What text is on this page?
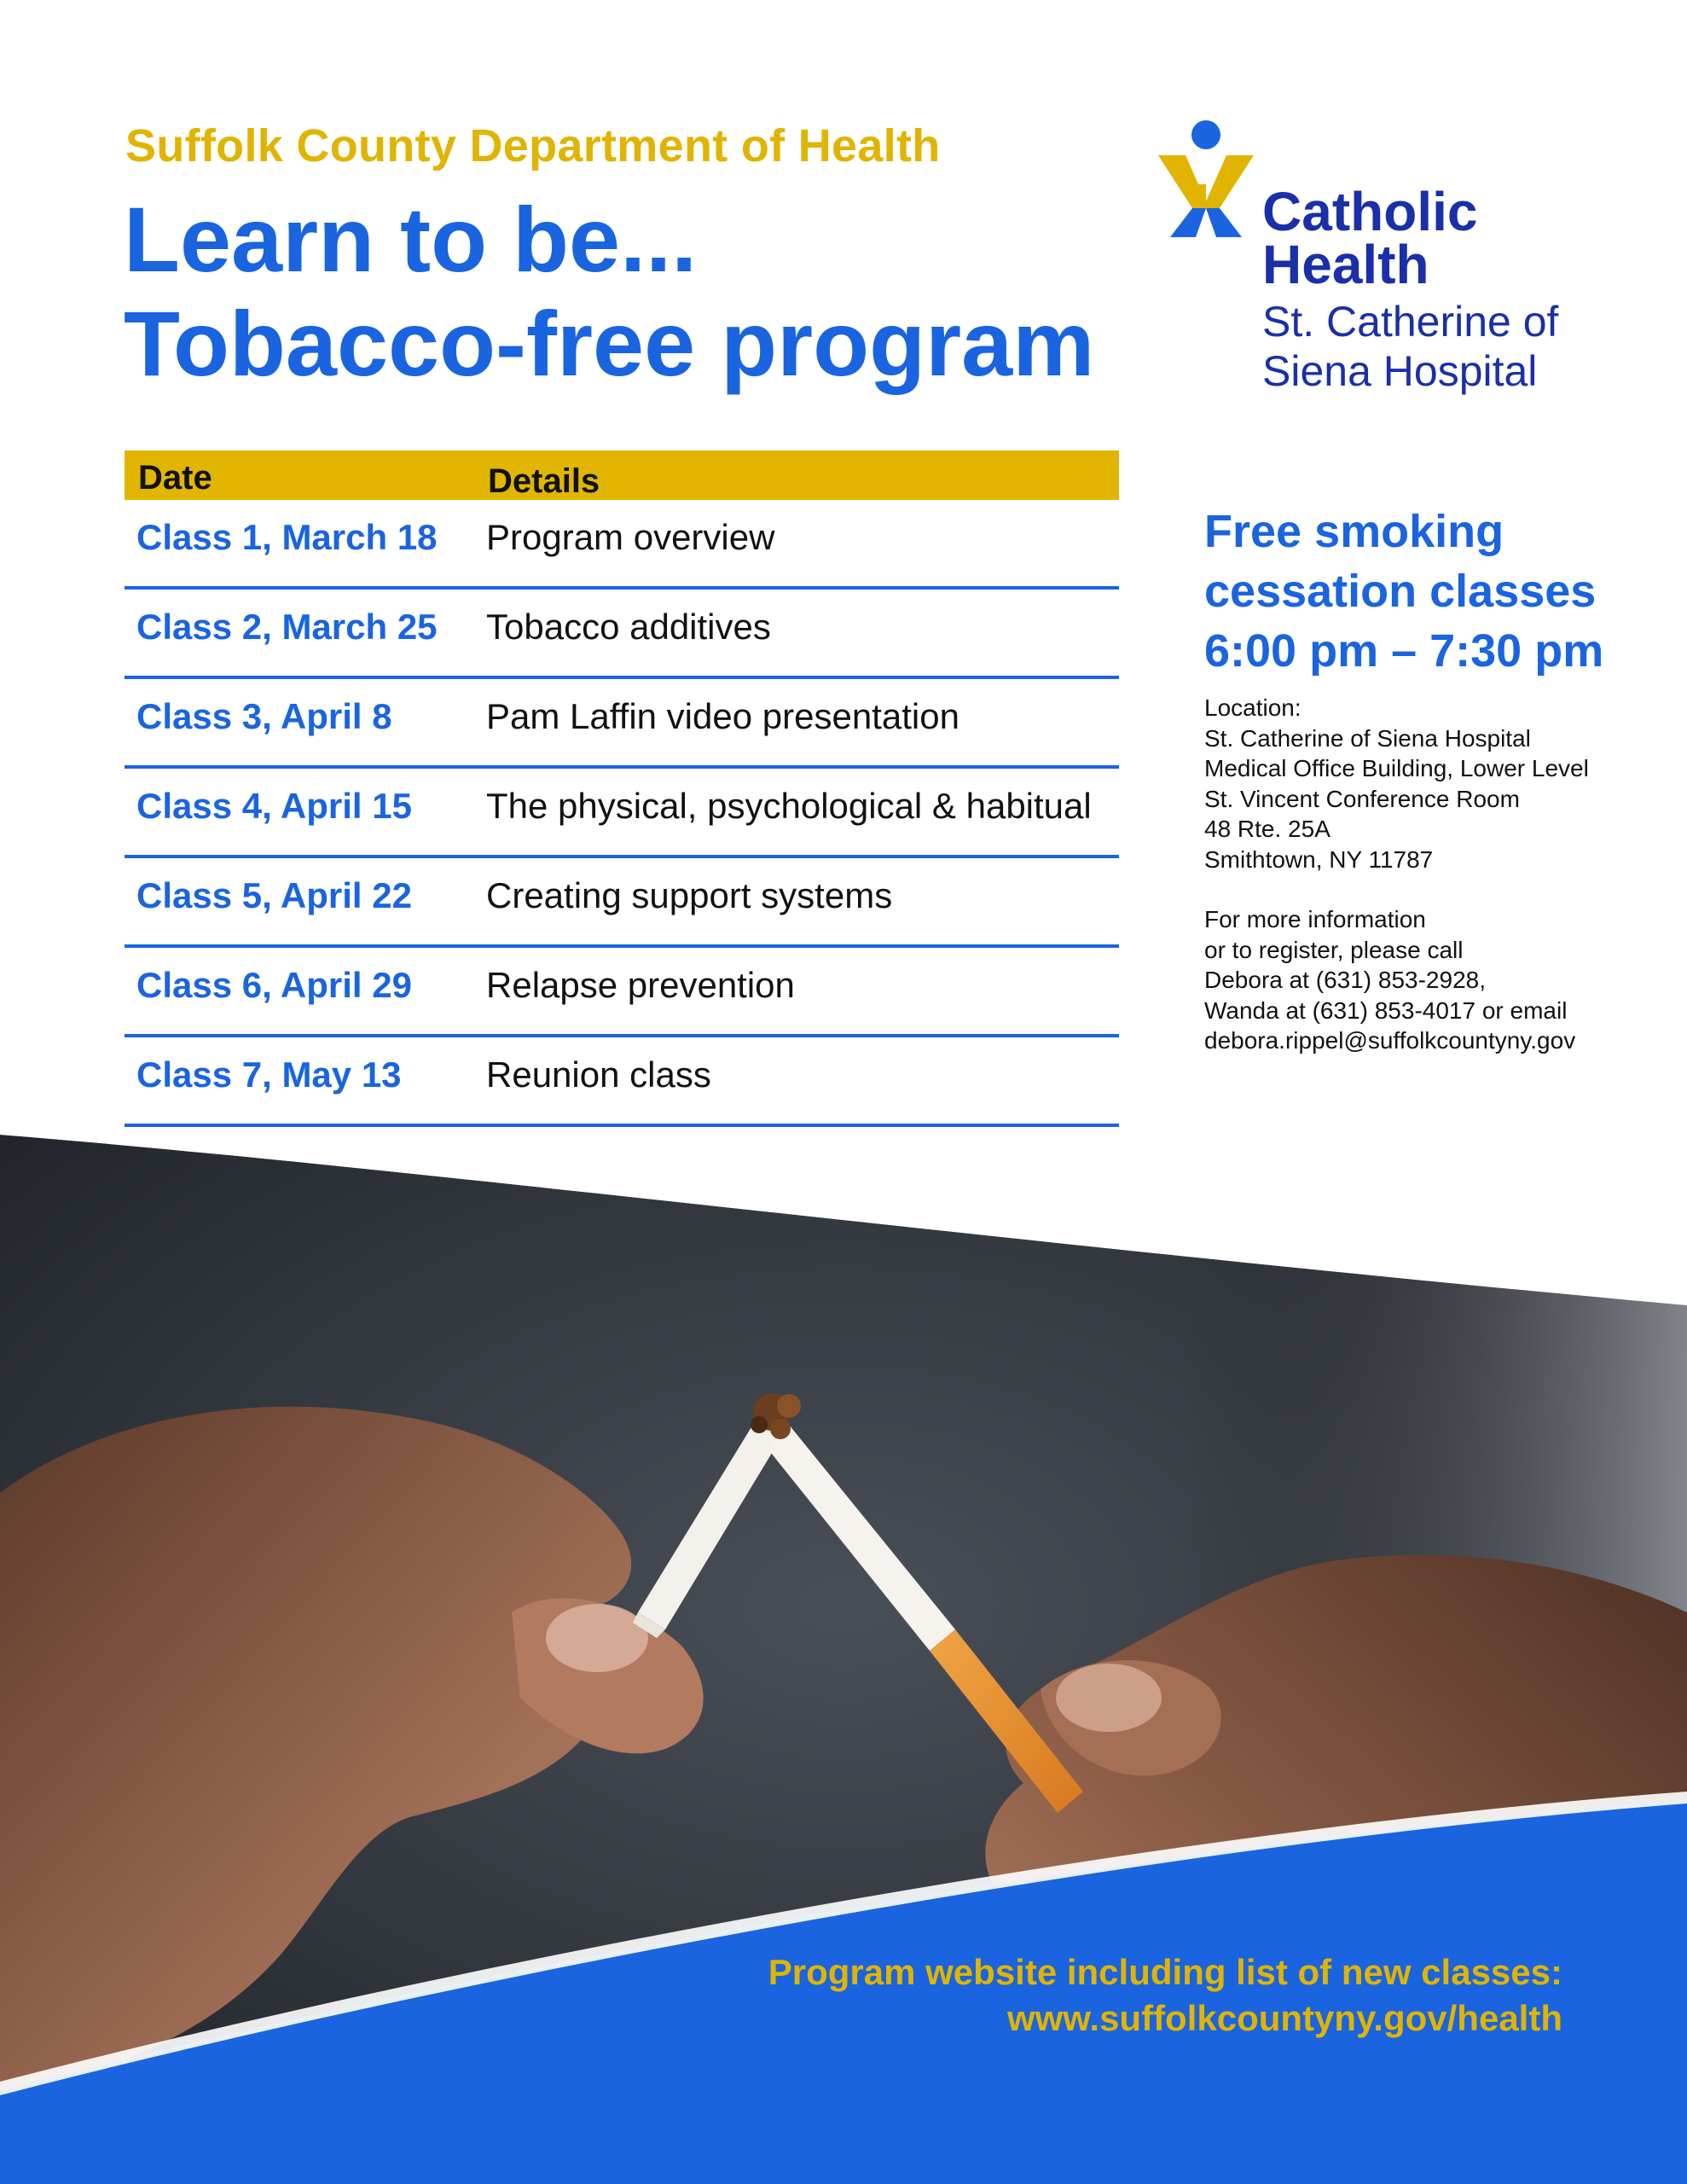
Suffolk County Department of Health
Learn to be...
Tobacco-free program
Catholic
Health
St. Catherine of
Siena Hospital
Date	Details
Class 1, March 18 Program overview
Class 2, March 25 Tobacco additives
Class 3, April 8	Pam Laffin video presentation
Class 4, April 15 The physical, psychological & habitual
Class 5, April 22 Creating support systems
Class 6, April 29 Relapse prevention
Class 7, May 13 Reunion class
Free smoking
cessation classes
6:00 pm – 7:30 pm
Location:
St. Catherine of Siena Hospital
Medical Office Building, Lower Level
St. Vincent Conference Room
48 Rte. 25A
Smithtown, NY 11787
For more information
or to register, please call
Debora at (631) 853-2928,
Wanda at (631) 853-4017 or email
debora.rippel@suffolkcountyny.gov
Program website including list of new classes:
www.suffolkcountyny.gov/health
